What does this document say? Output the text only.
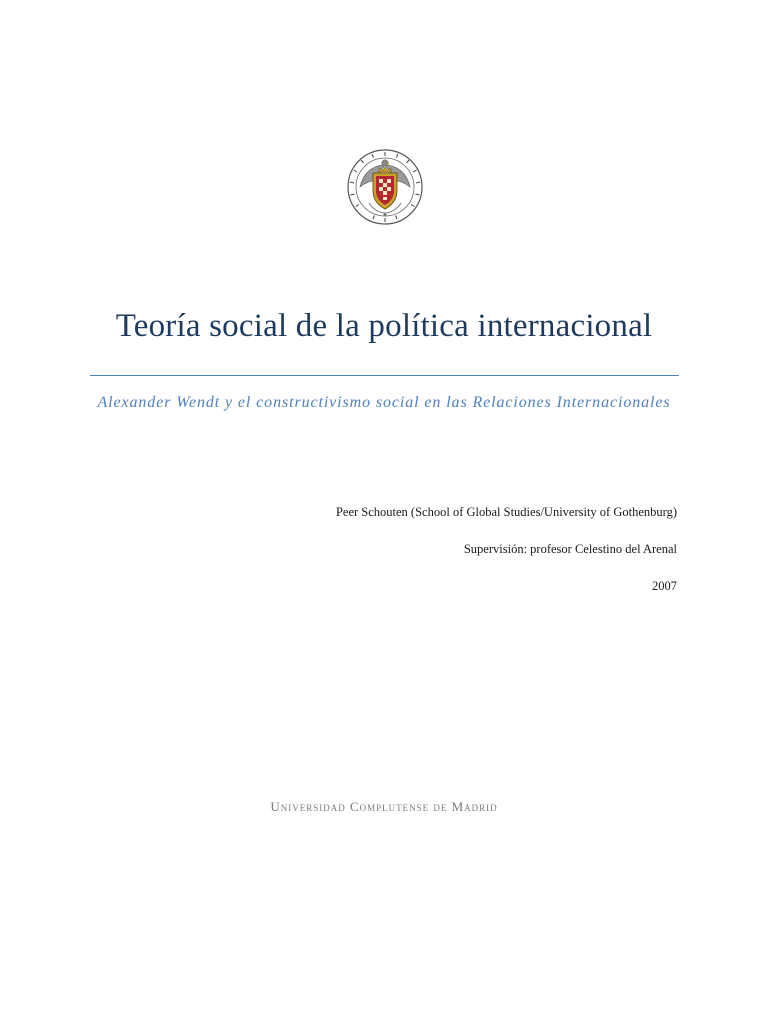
Teoría social de la política internacional
Alexander Wendt y el constructivismo social en las Relaciones Internacionales
Peer Schouten (School of Global Studies/University of Gothenburg)
Supervisión: profesor Celestino del Arenal
2007
Universidad Complutense de Madrid
